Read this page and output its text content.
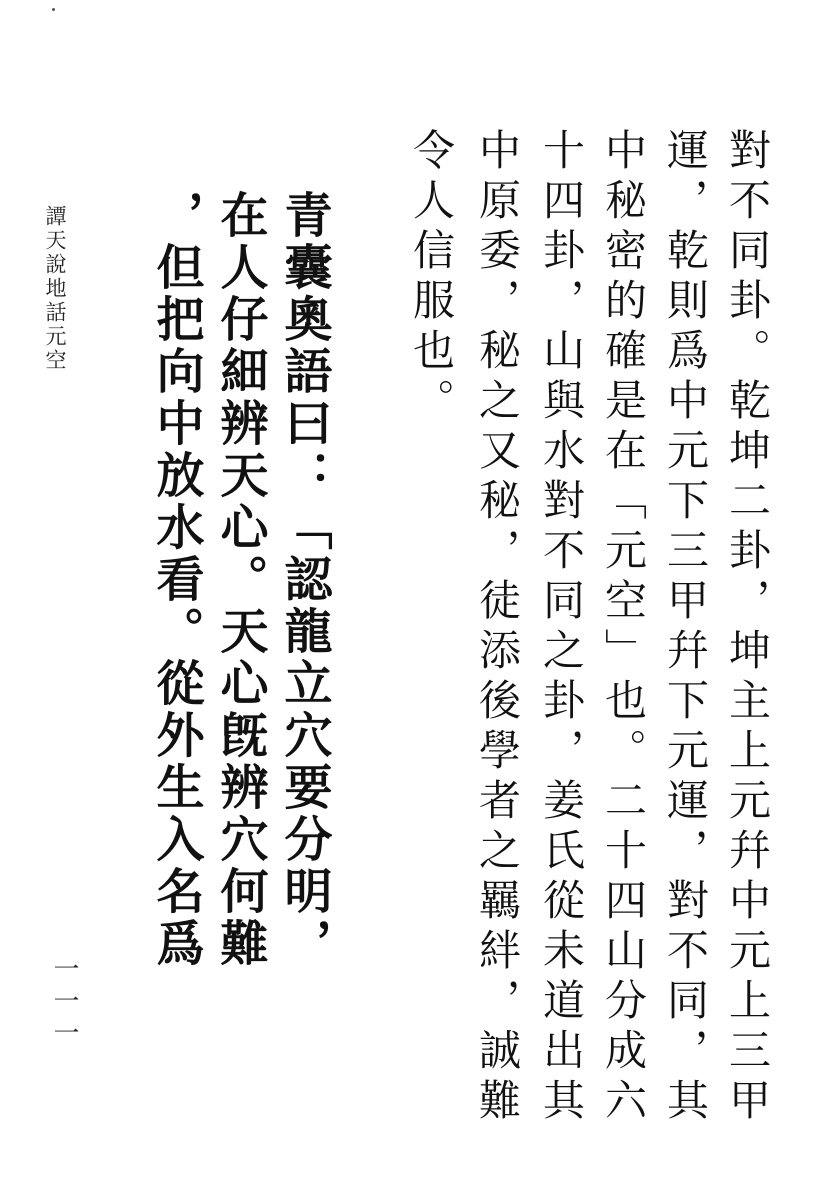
對不同卦。乾坤二卦，坤主上元幷中元上三甲
運，乾則爲中元下三甲幷下元運，對不同，其
中秘密的確是在「元空」也。二十四山分成六
十四卦，山與水對不同之卦，姜氏從未道出其
中原委，秘之又秘，徒添後學者之羈絆，誠難
令人信服也。
青囊奧語曰：「認龍立穴要分明，
在人仔細辨天心。天心旣辨穴何難
，但把向中放水看。從外生入名爲
譚天說地話元空
一一一
